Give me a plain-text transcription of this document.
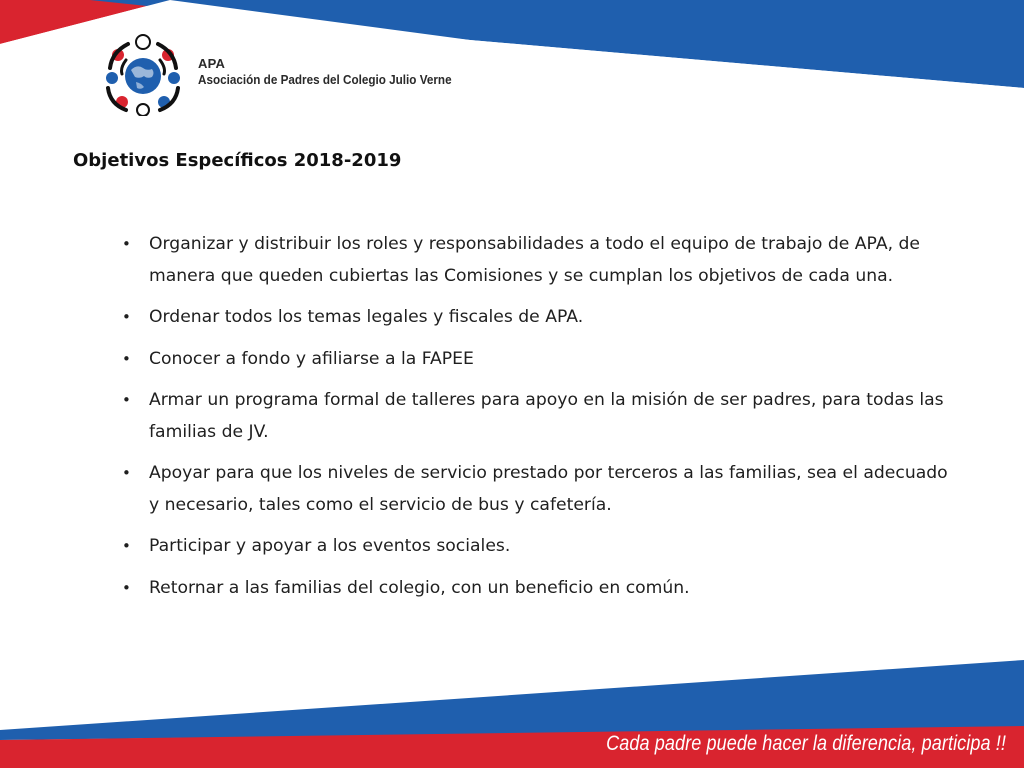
APA
Asociación de Padres del Colegio Julio Verne
Objetivos Específicos 2018-2019
• Organizar y distribuir los roles y responsabilidades a todo el equipo de trabajo de APA, de manera que queden cubiertas las Comisiones y se cumplan los objetivos de cada una.
• Ordenar todos los temas legales y fiscales de APA.
• Conocer a fondo y afiliarse a la FAPEE
• Armar un programa formal de talleres para apoyo en la misión de ser padres, para todas las familias de JV.
• Apoyar para que los niveles de servicio prestado por terceros a las familias, sea el adecuado y necesario, tales como el servicio de bus y cafetería.
• Participar y apoyar a los eventos sociales.
• Retornar a las familias del colegio, con un beneficio en común.
Cada padre puede hacer la diferencia, participa !!
